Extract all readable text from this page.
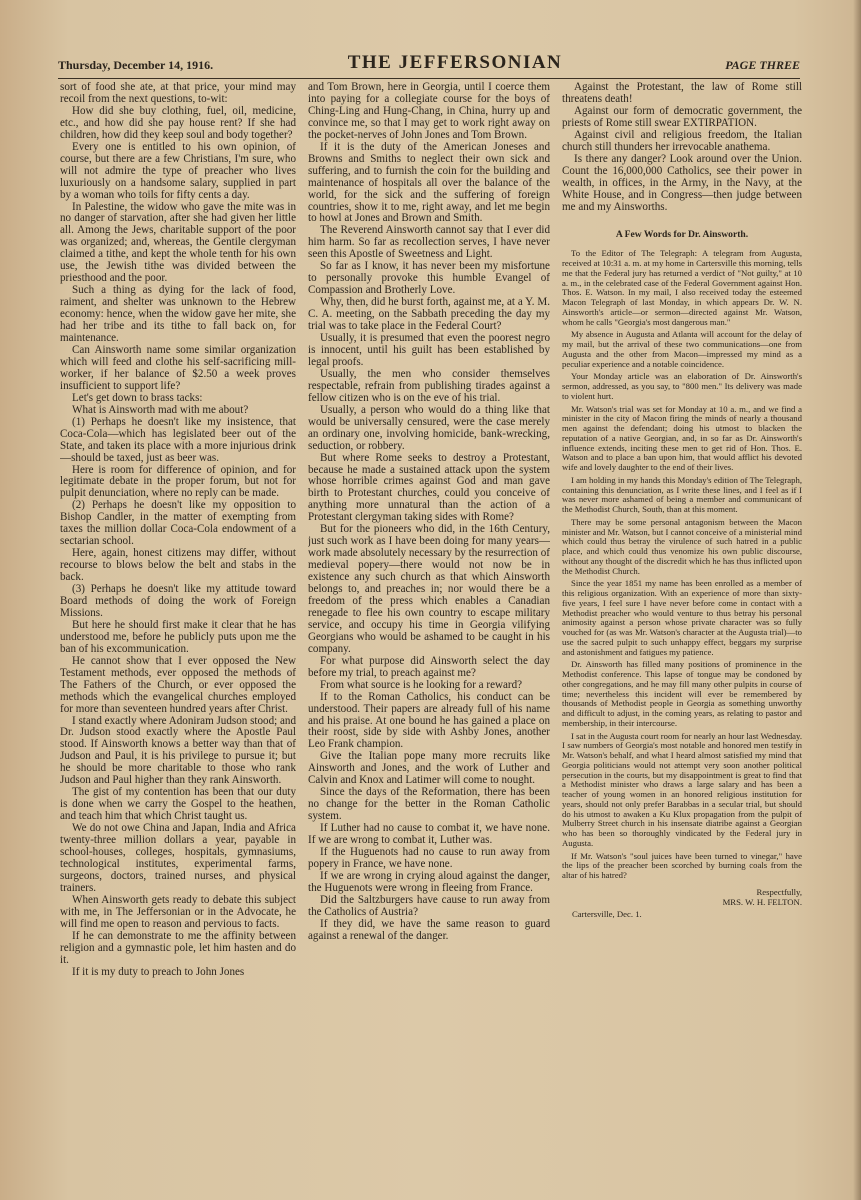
Thursday, December 14, 1916.	THE JEFFERSONIAN	PAGE THREE

sort of food she ate, at that price, your mind may recoil from the next questions, to-wit:

How did she buy clothing, fuel, oil, medicine, etc., and how did she pay house rent? If she had children, how did they keep soul and body together?

Every one is entitled to his own opinion, of course, but there are a few Christians, I'm sure, who will not admire the type of preacher who lives luxuriously on a handsome salary, supplied in part by a woman who toils for fifty cents a day.

In Palestine, the widow who gave the mite was in no danger of starvation, after she had given her little all. Among the Jews, charitable support of the poor was organized; and, whereas, the Gentile clergyman claimed a tithe, and kept the whole tenth for his own use, the Jewish tithe was divided between the priesthood and the poor.

Such a thing as dying for the lack of food, raiment, and shelter was unknown to the Hebrew economy: hence, when the widow gave her mite, she had her tribe and its tithe to fall back on, for maintenance.

Can Ainsworth name some similar organization which will feed and clothe his self-sacrificing mill-worker, if her balance of $2.50 a week proves insufficient to support life?

Let's get down to brass tacks:

What is Ainsworth mad with me about?

(1) Perhaps he doesn't like my insistence, that Coca-Cola—which has legislated beer out of the State, and taken its place with a more injurious drink—should be taxed, just as beer was.

Here is room for difference of opinion, and for legitimate debate in the proper forum, but not for pulpit denunciation, where no reply can be made.

(2) Perhaps he doesn't like my opposition to Bishop Candler, in the matter of exempting from taxes the million dollar Coca-Cola endowment of a sectarian school.

Here, again, honest citizens may differ, without recourse to blows below the belt and stabs in the back.

(3) Perhaps he doesn't like my attitude toward Board methods of doing the work of Foreign Missions.

But here he should first make it clear that he has understood me, before he publicly puts upon me the ban of his excommunication.

He cannot show that I ever opposed the New Testament methods, ever opposed the methods of The Fathers of the Church, or ever opposed the methods which the evangelical churches employed for more than seventeen hundred years after Christ.

I stand exactly where Adoniram Judson stood; and Dr. Judson stood exactly where the Apostle Paul stood. If Ainsworth knows a better way than that of Judson and Paul, it is his privilege to pursue it; but he should be more charitable to those who rank Judson and Paul higher than they rank Ainsworth.

The gist of my contention has been that our duty is done when we carry the Gospel to the heathen, and teach him that which Christ taught us.

We do not owe China and Japan, India and Africa twenty-three million dollars a year, payable in school-houses, colleges, hospitals, gymnasiums, technological institutes, experimental farms, surgeons, doctors, trained nurses, and physical trainers.

When Ainsworth gets ready to debate this subject with me, in The Jeffersonian or in the Advocate, he will find me open to reason and pervious to facts.

If he can demonstrate to me the affinity between religion and a gymnastic pole, let him hasten and do it.

If it is my duty to preach to John Jones

and Tom Brown, here in Georgia, until I coerce them into paying for a collegiate course for the boys of Ching-Ling and Hung-Chang, in China, hurry up and convince me, so that I may get to work right away on the pocket-nerves of John Jones and Tom Brown.

If it is the duty of the American Joneses and Browns and Smiths to neglect their own sick and suffering, and to furnish the coin for the building and maintenance of hospitals all over the balance of the world, for the sick and the suffering of foreign countries, show it to me, right away, and let me begin to howl at Jones and Brown and Smith.

The Reverend Ainsworth cannot say that I ever did him harm. So far as recollection serves, I have never seen this Apostle of Sweetness and Light.

So far as I know, it has never been my misfortune to personally provoke this humble Evangel of Compassion and Brotherly Love.

Why, then, did he burst forth, against me, at a Y. M. C. A. meeting, on the Sabbath preceding the day my trial was to take place in the Federal Court?

Usually, it is presumed that even the poorest negro is innocent, until his guilt has been established by legal proofs.

Usually, the men who consider themselves respectable, refrain from publishing tirades against a fellow citizen who is on the eve of his trial.

Usually, a person who would do a thing like that would be universally censured, were the case merely an ordinary one, involving homicide, bank-wrecking, seduction, or robbery.

But where Rome seeks to destroy a Protestant, because he made a sustained attack upon the system whose horrible crimes against God and man gave birth to Protestant churches, could you conceive of anything more unnatural than the action of a Protestant clergyman taking sides with Rome?

But for the pioneers who did, in the 16th Century, just such work as I have been doing for many years—work made absolutely necessary by the resurrection of medieval popery—there would not now be in existence any such church as that which Ainsworth belongs to, and preaches in; nor would there be a freedom of the press which enables a Canadian renegade to flee his own country to escape military service, and occupy his time in Georgia vilifying Georgians who would be ashamed to be caught in his company.

For what purpose did Ainsworth select the day before my trial, to preach against me?

From what source is he looking for a reward?

If to the Roman Catholics, his conduct can be understood. Their papers are already full of his name and his praise. At one bound he has gained a place on their roost, side by side with Ashby Jones, another Leo Frank champion.

Give the Italian pope many more recruits like Ainsworth and Jones, and the work of Luther and Calvin and Knox and Latimer will come to nought.

Since the days of the Reformation, there has been no change for the better in the Roman Catholic system.

If Luther had no cause to combat it, we have none. If we are wrong to combat it, Luther was.

If the Huguenots had no cause to run away from popery in France, we have none.

If we are wrong in crying aloud against the danger, the Huguenots were wrong in fleeing from France.

Did the Saltzburgers have cause to run away from the Catholics of Austria?

If they did, we have the same reason to guard against a renewal of the danger.

Against the Protestant, the law of Rome still threatens death!

Against our form of democratic government, the priests of Rome still swear EXTIRPATION.

Against civil and religious freedom, the Italian church still thunders her irrevocable anathema.

Is there any danger? Look around over the Union. Count the 16,000,000 Catholics, see their power in wealth, in offices, in the Army, in the Navy, at the White House, and in Congress—then judge between me and my Ainsworths.

A Few Words for Dr. Ainsworth.

To the Editor of The Telegraph: A telegram from Augusta, received at 10:31 a. m. at my home in Cartersville this morning, tells me that the Federal jury has returned a verdict of "Not guilty," at 10 a. m., in the celebrated case of the Federal Government against Hon. Thos. E. Watson. In my mail, I also received today the esteemed Macon Telegraph of last Monday, in which appears Dr. W. N. Ainsworth's article—or sermon—directed against Mr. Watson, whom he calls "Georgia's most dangerous man."

My absence in Augusta and Atlanta will account for the delay of my mail, but the arrival of these two communications—one from Augusta and the other from Macon—impressed my mind as a peculiar experience and a notable coincidence.

Your Monday article was an elaboration of Dr. Ainsworth's sermon, addressed, as you say, to "800 men." Its delivery was made to violent hurt.

Mr. Watson's trial was set for Monday at 10 a. m., and we find a minister in the city of Macon firing the minds of nearly a thousand men against the defendant; doing his utmost to blacken the reputation of a native Georgian, and, in so far as Dr. Ainsworth's influence extends, inciting these men to get rid of Hon. Thos. E. Watson and to place a ban upon him, that would afflict his devoted wife and lovely daughter to the end of their lives.

I am holding in my hands this Monday's edition of The Telegraph, containing this denunciation, as I write these lines, and I feel as if I was never more ashamed of being a member and communicant of the Methodist Church, South, than at this moment.

There may be some personal antagonism between the Macon minister and Mr. Watson, but I cannot conceive of a ministerial mind which could thus betray the virulence of such hatred in a public place, and which could thus venomize his own public discourse, without any thought of the discredit which he has thus inflicted upon the Methodist Church.

Since the year 1851 my name has been enrolled as a member of this religious organization. With an experience of more than sixty-five years, I feel sure I have never before come in contact with a Methodist preacher who would venture to thus betray his personal animosity against a person whose private character was so fully vouched for (as was Mr. Watson's character at the Augusta trial)—to use the sacred pulpit to such unhappy effect, beggars my surprise and astonishment and fatigues my patience.

Dr. Ainsworth has filled many positions of prominence in the Methodist conference. This lapse of tongue may be condoned by other congregations, and he may fill many other pulpits in course of time; nevertheless this incident will ever be remembered by thousands of Methodist people in Georgia as something unworthy and difficult to adjust, in the coming years, as relating to pastor and membership, in their intercourse.

I sat in the Augusta court room for nearly an hour last Wednesday. I saw numbers of Georgia's most notable and honored men testify in Mr. Watson's behalf, and what I heard almost satisfied my mind that Georgia politicians would not attempt very soon another political persecution in the courts, but my disappointment is great to find that a Methodist minister who draws a large salary and has been a teacher of young women in an honored religious institution for years, should not only prefer Barabbas in a secular trial, but should do his utmost to awaken a Ku Klux propagation from the pulpit of Mulberry Street church in his insensate diatribe against a Georgian who has been so thoroughly vindicated by the Federal jury in Augusta.

If Mr. Watson's "soul juices have been turned to vinegar," have the lips of the preacher been scorched by burning coals from the altar of his hatred?

Respectfully,
MRS. W. H. FELTON.
Cartersville, Dec. 1.
